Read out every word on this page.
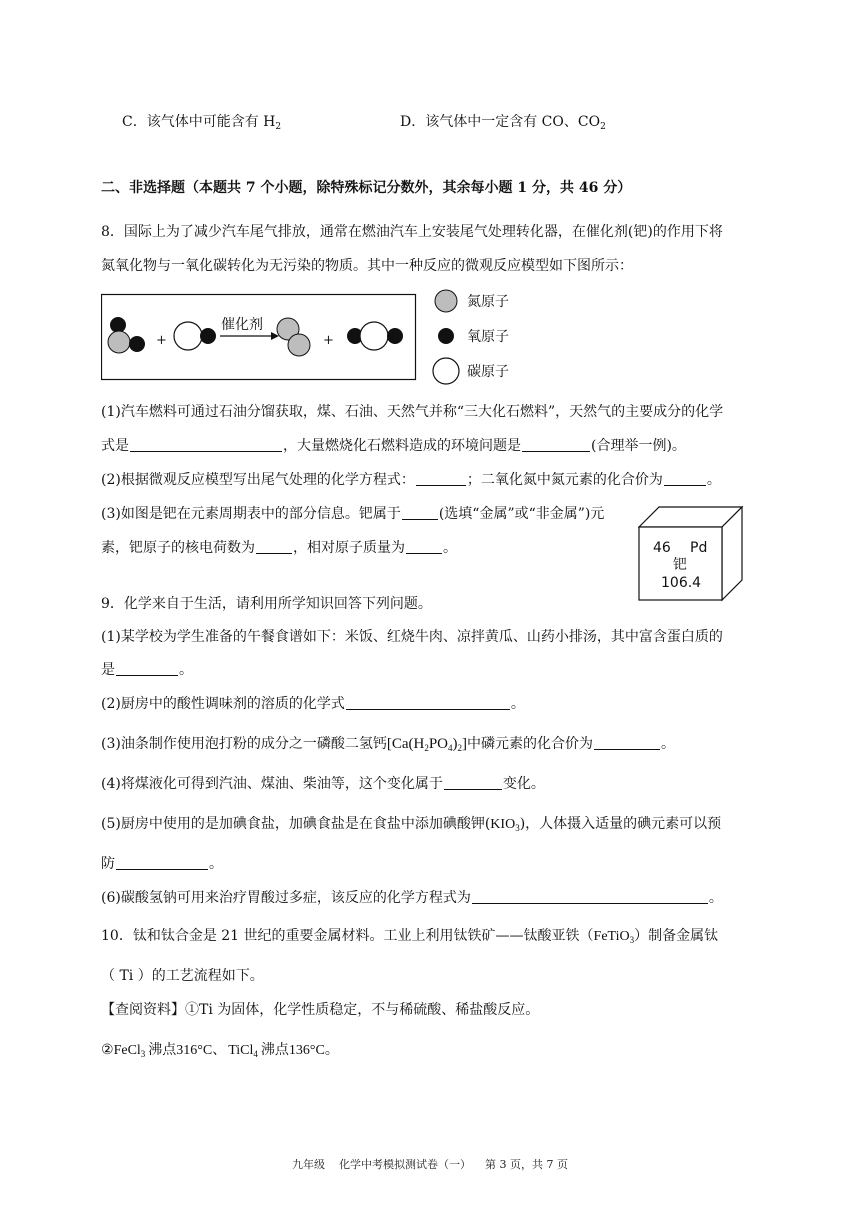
C．该气体中可能含有 $H_2$	D．该气体中一定含有 CO、$CO_2$
二、非选择题（本题共 7 个小题，除特殊标记分数外，其余每小题 1 分，共 46 分）
8．国际上为了减少汽车尾气排放，通常在燃油汽车上安装尾气处理转化器，在催化剂(钯)的作用下将
氮氧化物与一氧化碳转化为无污染的物质。其中一种反应的微观反应模型如下图所示：
+
催化剂
+
氮原子
氧原子
碳原子
(1)汽车燃料可通过石油分馏获取，煤、石油、天然气并称“三大化石燃料”，天然气的主要成分的化学
式是	，大量燃烧化石燃料造成的环境问题是	(合理举一例)。
(2)根据微观反应模型写出尾气处理的化学方程式：	；二氧化氮中氮元素的化合价为	。
(3)如图是钯在元素周期表中的部分信息。钯属于	(选填“金属”或“非金属”)元
素，钯原子的核电荷数为	，相对原子质量为	。	46 Pd
钯
106.4
9．化学来自于生活，请利用所学知识回答下列问题。
(1)某学校为学生准备的午餐食谱如下：米饭、红烧牛肉、凉拌黄瓜、山药小排汤，其中富含蛋白质的
是	。
(2)厨房中的酸性调味剂的溶质的化学式	。
(3)油条制作使用泡打粉的成分之一磷酸二氢钙$[Ca(H_2PO_4)_2]$中磷元素的化合价为	。
(4)将煤液化可得到汽油、煤油、柴油等，这个变化属于	变化。
(5)厨房中使用的是加碘食盐，加碘食盐是在食盐中添加碘酸钾$(KIO_3)$，人体摄入适量的碘元素可以预
防	。
(6)碳酸氢钠可用来治疗胃酸过多症，该反应的化学方程式为	。
10．钛和钛合金是 21 世纪的重要金属材料。工业上利用钛铁矿——钛酸亚铁（FeTiO$_3$）制备金属钛
（ Ti ）的工艺流程如下。
【查阅资料】①Ti 为固体，化学性质稳定，不与稀硫酸、稀盐酸反应。
②FeCl$_3$ 沸点316°C、 TiCl$_4$ 沸点136°C。
九年级    化学中考模拟测试卷（一）    第 3 页，共 7 页
